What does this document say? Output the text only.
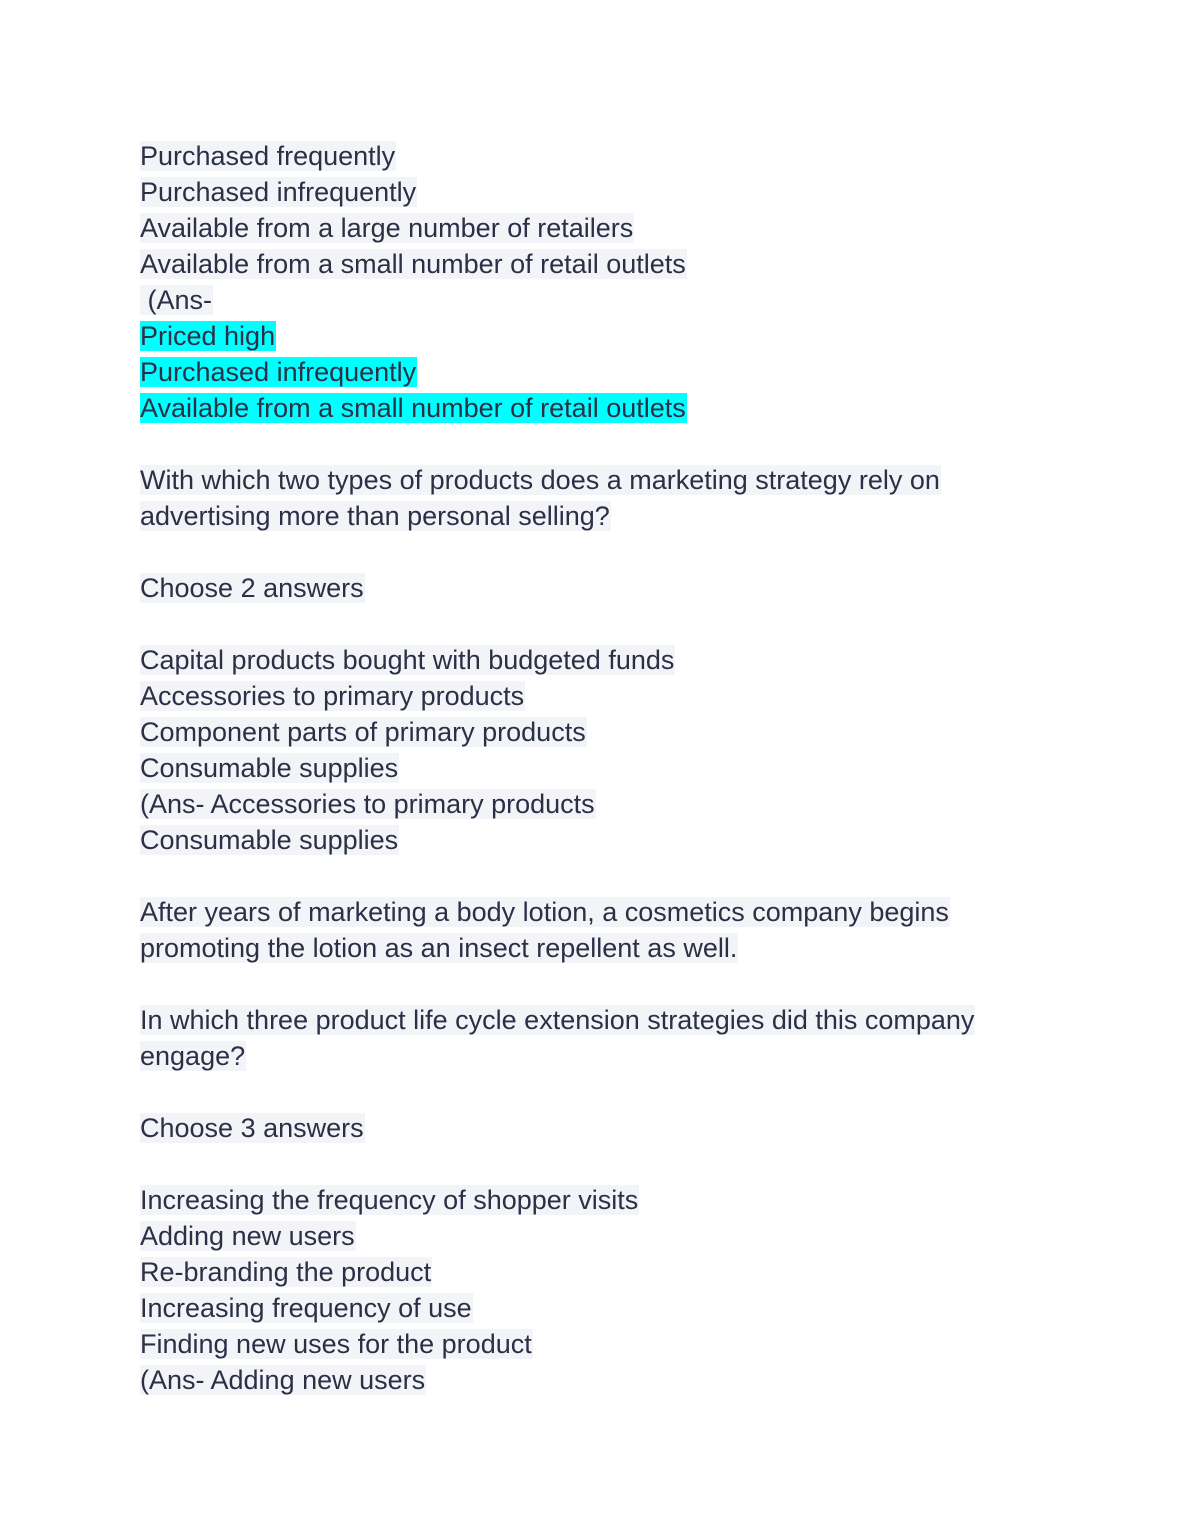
Purchased frequently
Purchased infrequently
Available from a large number of retailers
Available from a small number of retail outlets
(Ans-
Priced high
Purchased infrequently
Available from a small number of retail outlets
With which two types of products does a marketing strategy rely on
advertising more than personal selling?
Choose 2 answers
Capital products bought with budgeted funds
Accessories to primary products
Component parts of primary products
Consumable supplies
(Ans- Accessories to primary products
Consumable supplies
After years of marketing a body lotion, a cosmetics company begins
promoting the lotion as an insect repellent as well.
In which three product life cycle extension strategies did this company
engage?
Choose 3 answers
Increasing the frequency of shopper visits
Adding new users
Re-branding the product
Increasing frequency of use
Finding new uses for the product
(Ans- Adding new users
